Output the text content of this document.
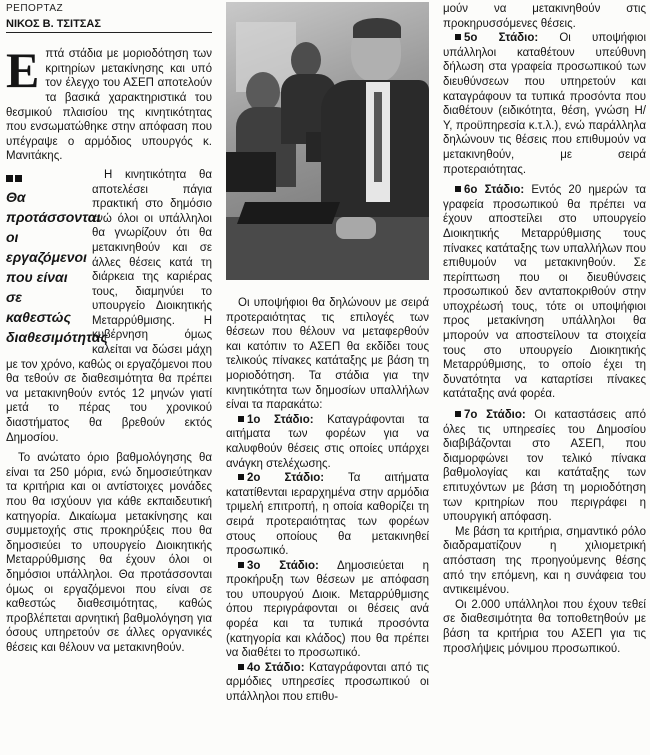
ΡΕΠΟΡΤΑΖ
ΝΙΚΟΣ Β. ΤΣΙΤΣΑΣ

Επτά στάδια με μοριοδότηση των κριτηρίων μετακίνησης και υπό τον έλεγχο του ΑΣΕΠ αποτελούν τα βασικά χαρακτηριστικά του θεσμικού πλαισίου της κινητικότητας που ενσωματώθηκε στην απόφαση που υπέγραψε ο αρμόδιος υπουργός κ. Μανιτάκης.

Θα προτάσσονται οι εργαζόμενοι που είναι σε καθεστώς διαθεσιμότητας

Η κινητικότητα θα αποτελέσει πάγια πρακτική στο δημόσιο ενώ όλοι οι υπάλληλοι θα γνωρίζουν ότι θα μετακινηθούν και σε άλλες θέσεις κατά τη διάρκεια της καριέρας τους, διαμηνύει το υπουργείο Διοικητικής Μεταρρύθμισης. Η κυβέρνηση όμως καλείται να δώσει μάχη με τον χρόνο, καθώς οι εργαζόμενοι που θα τεθούν σε διαθεσιμότητα θα πρέπει να μετακινηθούν εντός 12 μηνών γιατί μετά το πέρας του χρονικού διαστήματος θα βρεθούν εκτός Δημοσίου.

Το ανώτατο όριο βαθμολόγησης θα είναι τα 250 μόρια, ενώ δημοσιεύτηκαν τα κριτήρια και οι αντίστοιχες μονάδες που θα ισχύουν για κάθε εκπαιδευτική κατηγορία. Δικαίωμα μετακίνησης και συμμετοχής στις προκηρύξεις που θα δημοσιεύει το υπουργείο Διοικητικής Μεταρρύθμισης θα έχουν όλοι οι δημόσιοι υπάλληλοι. Θα προτάσσονται όμως οι εργαζόμενοι που είναι σε καθεστώς διαθεσιμότητας, καθώς προβλέπεται αρνητική βαθμολόγηση για όσους υπηρετούν σε άλλες οργανικές θέσεις και θέλουν να μετακινηθούν.

Οι υποψήφιοι θα δηλώνουν με σειρά προτεραιότητας τις επιλογές των θέσεων που θέλουν να μεταφερθούν και κατόπιν το ΑΣΕΠ θα εκδίδει τους τελικούς πίνακες κατάταξης με βάση τη μοριοδότηση. Τα στάδια για την κινητικότητα των δημοσίων υπαλλήλων είναι τα παρακάτω:

1ο Στάδιο: Καταγράφονται τα αιτήματα των φορέων για να καλυφθούν θέσεις στις οποίες υπάρχει ανάγκη στελέχωσης.

2ο Στάδιο: Τα αιτήματα κατατίθενται ιεραρχημένα στην αρμόδια τριμελή επιτροπή, η οποία καθορίζει τη σειρά προτεραιότητας των φορέων στους οποίους θα μετακινηθεί προσωπικό.

3ο Στάδιο: Δημοσιεύεται η προκήρυξη των θέσεων με απόφαση του υπουργού Διοικ. Μεταρρύθμισης όπου περιγράφονται οι θέσεις ανά φορέα και τα τυπικά προσόντα (κατηγορία και κλάδος) που θα πρέπει να διαθέτει το προσωπικό.

4ο Στάδιο: Καταγράφονται από τις αρμόδιες υπηρεσίες προσωπικού οι υπάλληλοι που επιθυ-

μούν να μετακινηθούν στις προκηρυσσόμενες θέσεις.

5ο Στάδιο: Οι υποψήφιοι υπάλληλοι καταθέτουν υπεύθυνη δήλωση στα γραφεία προσωπικού των διευθύνσεων που υπηρετούν και καταγράφουν τα τυπικά προσόντα που διαθέτουν (ειδικότητα, θέση, γνώση Η/Υ, προϋπηρεσία κ.τ.λ.), ενώ παράλληλα δηλώνουν τις θέσεις που επιθυμούν να μετακινηθούν, με σειρά προτεραιότητας.

6ο Στάδιο: Εντός 20 ημερών τα γραφεία προσωπικού θα πρέπει να έχουν αποστείλει στο υπουργείο Διοικητικής Μεταρρύθμισης τους πίνακες κατάταξης των υπαλλήλων που επιθυμούν να μετακινηθούν. Σε περίπτωση που οι διευθύνσεις προσωπικού δεν ανταποκριθούν στην υποχρέωσή τους, τότε οι υποψήφιοι προς μετακίνηση υπάλληλοι θα μπορούν να αποστείλουν τα στοιχεία τους στο υπουργείο Διοικητικής Μεταρρύθμισης, το οποίο έχει τη δυνατότητα να καταρτίσει πίνακες κατάταξης ανά φορέα.

7ο Στάδιο: Οι καταστάσεις από όλες τις υπηρεσίες του Δημοσίου διαβιβάζονται στο ΑΣΕΠ, που διαμορφώνει τον τελικό πίνακα βαθμολογίας και κατάταξης των επιτυχόντων με βάση τη μοριοδότηση των κριτηρίων που περιγράφει η υπουργική απόφαση.

Με βάση τα κριτήρια, σημαντικό ρόλο διαδραματίζουν η χιλιομετρική απόσταση της προηγούμενης θέσης από την επόμενη, και η συνάφεια του αντικειμένου.

Οι 2.000 υπάλληλοι που έχουν τεθεί σε διαθεσιμότητα θα τοποθετηθούν με βάση τα κριτήρια του ΑΣΕΠ για τις προσλήψεις μόνιμου προσωπικού.
